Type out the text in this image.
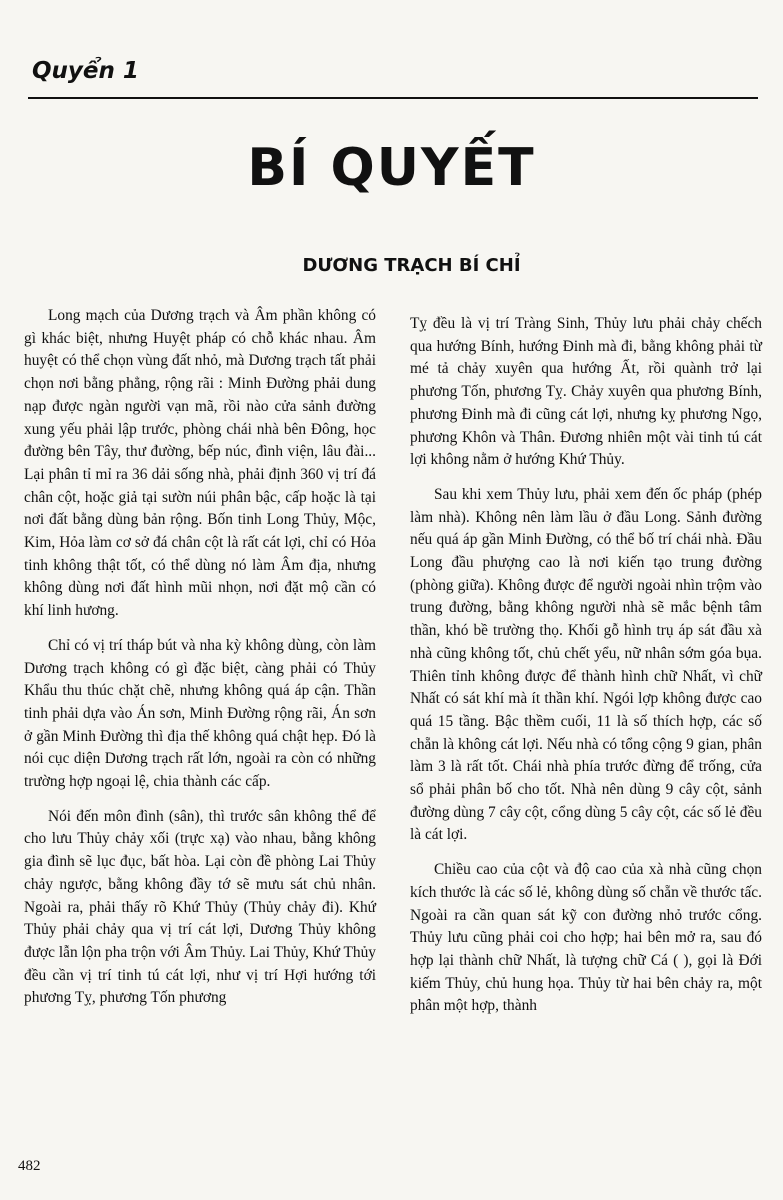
Quyển 1
BÍ QUYẾT
DƯƠNG TRẠCH BÍ CHỈ

Long mạch của Dương trạch và Âm phần không có gì khác biệt, nhưng Huyệt pháp có chỗ khác nhau. Âm huyệt có thể chọn vùng đất nhỏ, mà Dương trạch tất phải chọn nơi bằng phẳng, rộng rãi : Minh Đường phải dung nạp được ngàn người vạn mã, rồi nào cửa sảnh đường xung yếu phải lập trước, phòng chái nhà bên Đông, học đường bên Tây, thư đường, bếp núc, đình viện, lâu đài... Lại phân tỉ mỉ ra 36 dải sống nhà, phải định 360 vị trí đá chân cột, hoặc giả tại sườn núi phân bậc, cấp hoặc là tại nơi đất bằng dùng bản rộng. Bốn tinh Long Thủy, Mộc, Kim, Hỏa làm cơ sở đá chân cột là rất cát lợi, chỉ có Hỏa tinh không thật tốt, có thể dùng nó làm Âm địa, nhưng không dùng nơi đất hình mũi nhọn, nơi đặt mộ cần có khí linh hương.

Chỉ có vị trí tháp bút và nha kỳ không dùng, còn làm Dương trạch không có gì đặc biệt, càng phải có Thủy Khẩu thu thúc chặt chẽ, nhưng không quá áp cận. Thần tinh phải dựa vào Án sơn, Minh Đường rộng rãi, Án sơn ở gần Minh Đường thì địa thế không quá chật hẹp. Đó là nói cục diện Dương trạch rất lớn, ngoài ra còn có những trường hợp ngoại lệ, chia thành các cấp.

Nói đến môn đình (sân), thì trước sân không thể để cho lưu Thủy chảy xối (trực xạ) vào nhau, bằng không gia đình sẽ lục đục, bất hòa. Lại còn đề phòng Lai Thủy chảy ngược, bằng không đầy tớ sẽ mưu sát chủ nhân. Ngoài ra, phải thấy rõ Khứ Thủy (Thủy chảy đi). Khứ Thủy phải chảy qua vị trí cát lợi, Dương Thủy không được lẫn lộn pha trộn với Âm Thủy. Lai Thủy, Khứ Thủy đều cần vị trí tinh tú cát lợi, như vị trí Hợi hướng tới phương Tỵ, phương Tốn phương

Tỵ đều là vị trí Tràng Sinh, Thủy lưu phải chảy chếch qua hướng Bính, hướng Đinh mà đi, bằng không phải từ mé tả chảy xuyên qua hướng Ất, rồi quành trở lại phương Tốn, phương Tỵ. Chảy xuyên qua phương Bính, phương Đinh mà đi cũng cát lợi, nhưng kỵ phương Ngọ, phương Khôn và Thân. Đương nhiên một vài tinh tú cát lợi không nằm ở hướng Khứ Thủy.

Sau khi xem Thủy lưu, phải xem đến ốc pháp (phép làm nhà). Không nên làm lầu ở đầu Long. Sảnh đường nếu quá áp gần Minh Đường, có thể bố trí chái nhà. Đầu Long đầu phượng cao là nơi kiến tạo trung đường (phòng giữa). Không được để người ngoài nhìn trộm vào trung đường, bằng không người nhà sẽ mắc bệnh tâm thần, khó bề trường thọ. Khối gỗ hình trụ áp sát đầu xà nhà cũng không tốt, chủ chết yểu, nữ nhân sớm góa bụa. Thiên tỉnh không được để thành hình chữ Nhất, vì chữ Nhất có sát khí mà ít thần khí. Ngói lợp không được cao quá 15 tầng. Bậc thềm cuối, 11 là số thích hợp, các số chẵn là không cát lợi. Nếu nhà có tổng cộng 9 gian, phân làm 3 là rất tốt. Chái nhà phía trước đừng để trống, cửa sổ phải phân bố cho tốt. Nhà nên dùng 9 cây cột, sảnh đường dùng 7 cây cột, cổng dùng 5 cây cột, các số lẻ đều là cát lợi.

Chiều cao của cột và độ cao của xà nhà cũng chọn kích thước là các số lẻ, không dùng số chẵn về thước tấc. Ngoài ra cần quan sát kỹ con đường nhỏ trước cổng. Thủy lưu cũng phải coi cho hợp; hai bên mở ra, sau đó hợp lại thành chữ Nhất, là tượng chữ Cá ( ), gọi là Đới kiếm Thủy, chủ hung họa. Thủy từ hai bên chảy ra, một phân một hợp, thành

482
